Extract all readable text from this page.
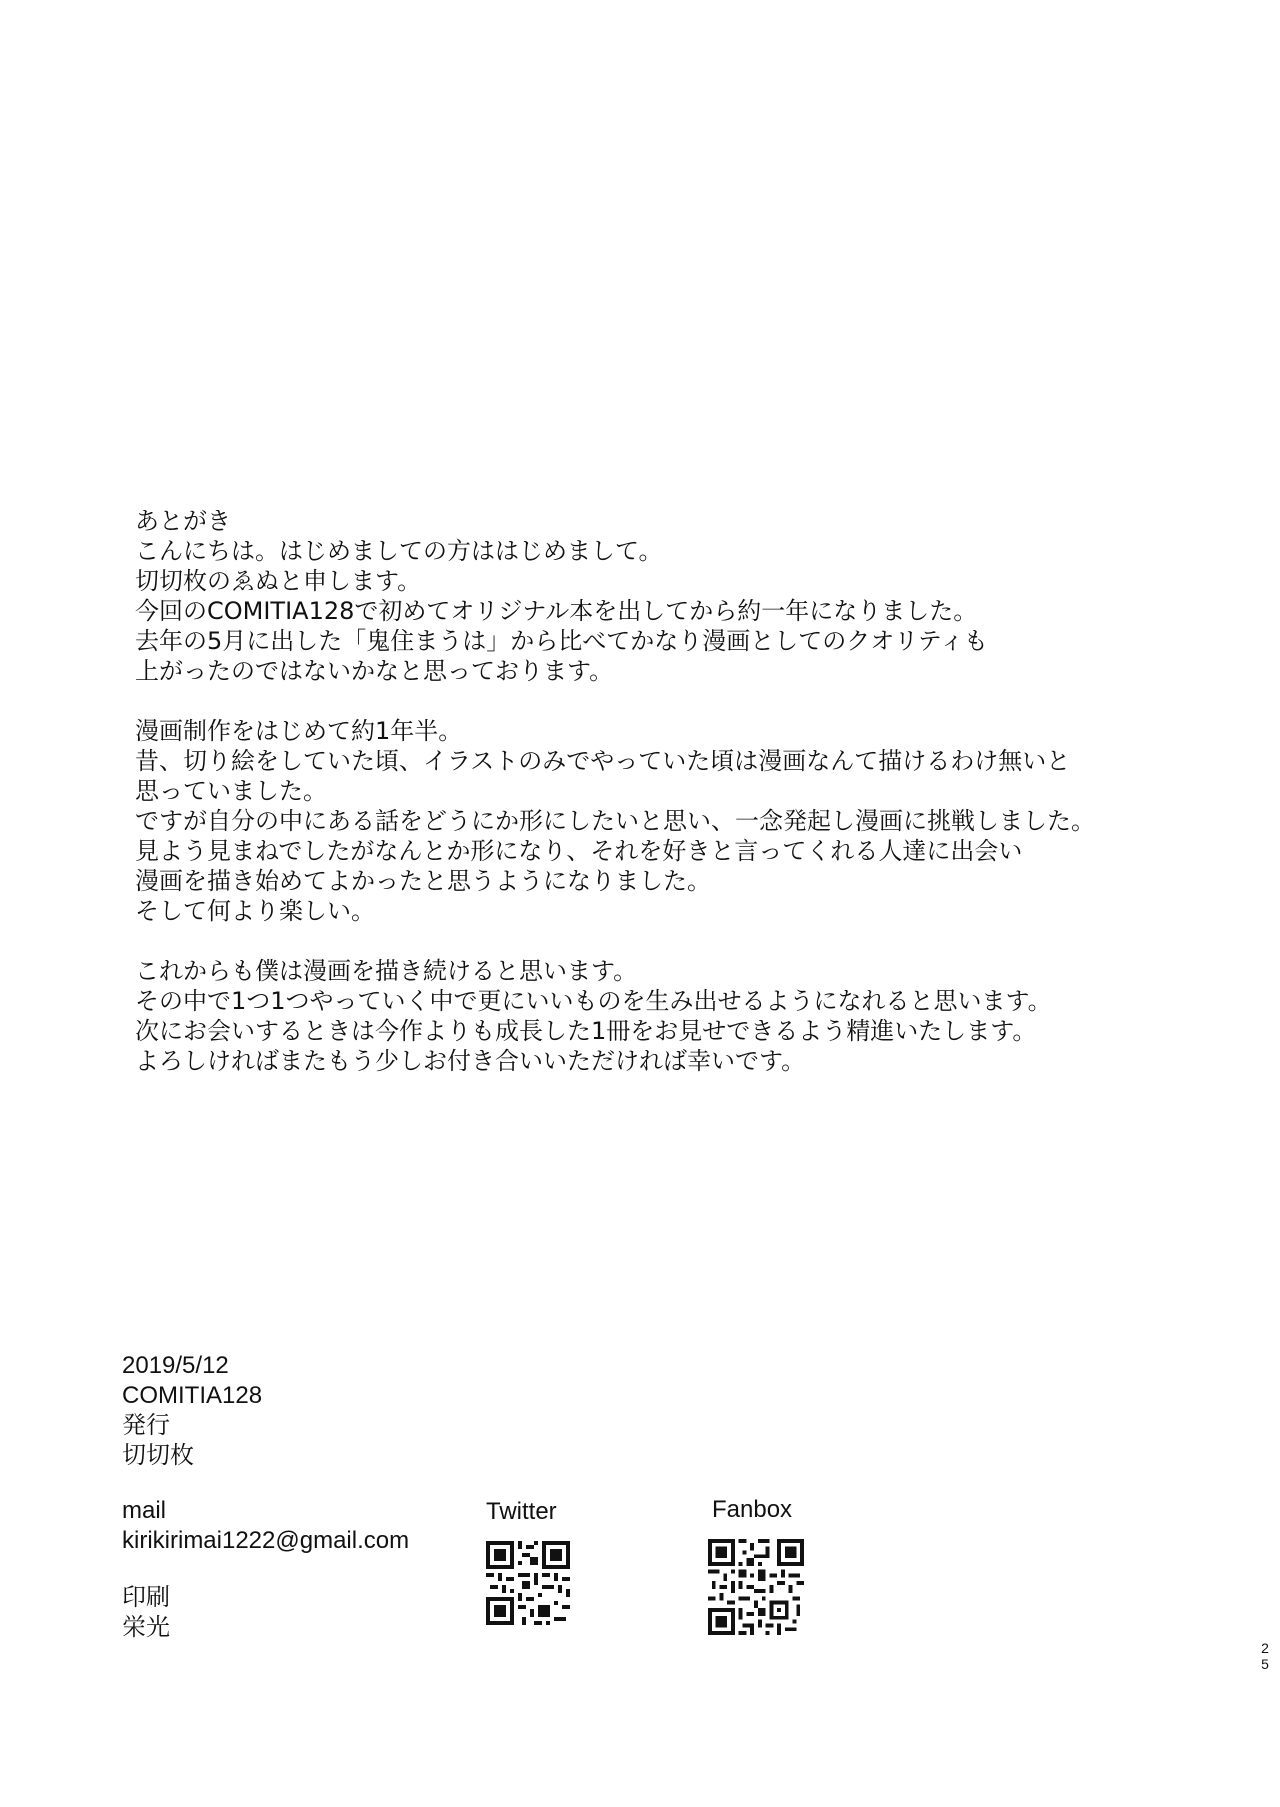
あとがき
こんにちは。はじめましての方ははじめまして。
切切枚のゑぬと申します。
今回のCOMITIA128で初めてオリジナル本を出してから約一年になりました。
去年の5月に出した「鬼住まうは」から比べてかなり漫画としてのクオリティも
上がったのではないかなと思っております。
漫画制作をはじめて約1年半。
昔、切り絵をしていた頃、イラストのみでやっていた頃は漫画なんて描けるわけ無いと
思っていました。
ですが自分の中にある話をどうにか形にしたいと思い、一念発起し漫画に挑戦しました。
見よう見まねでしたがなんとか形になり、それを好きと言ってくれる人達に出会い
漫画を描き始めてよかったと思うようになりました。
そして何より楽しい。
これからも僕は漫画を描き続けると思います。
その中で1つ1つやっていく中で更にいいものを生み出せるようになれると思います。
次にお会いするときは今作よりも成長した1冊をお見せできるよう精進いたします。
よろしければまたもう少しお付き合いいただければ幸いです。
2019/5/12
COMITIA128
発行
切切枚
mail
kirikirimai1222@gmail.com
印刷
栄光
Twitter	Fanbox
25
